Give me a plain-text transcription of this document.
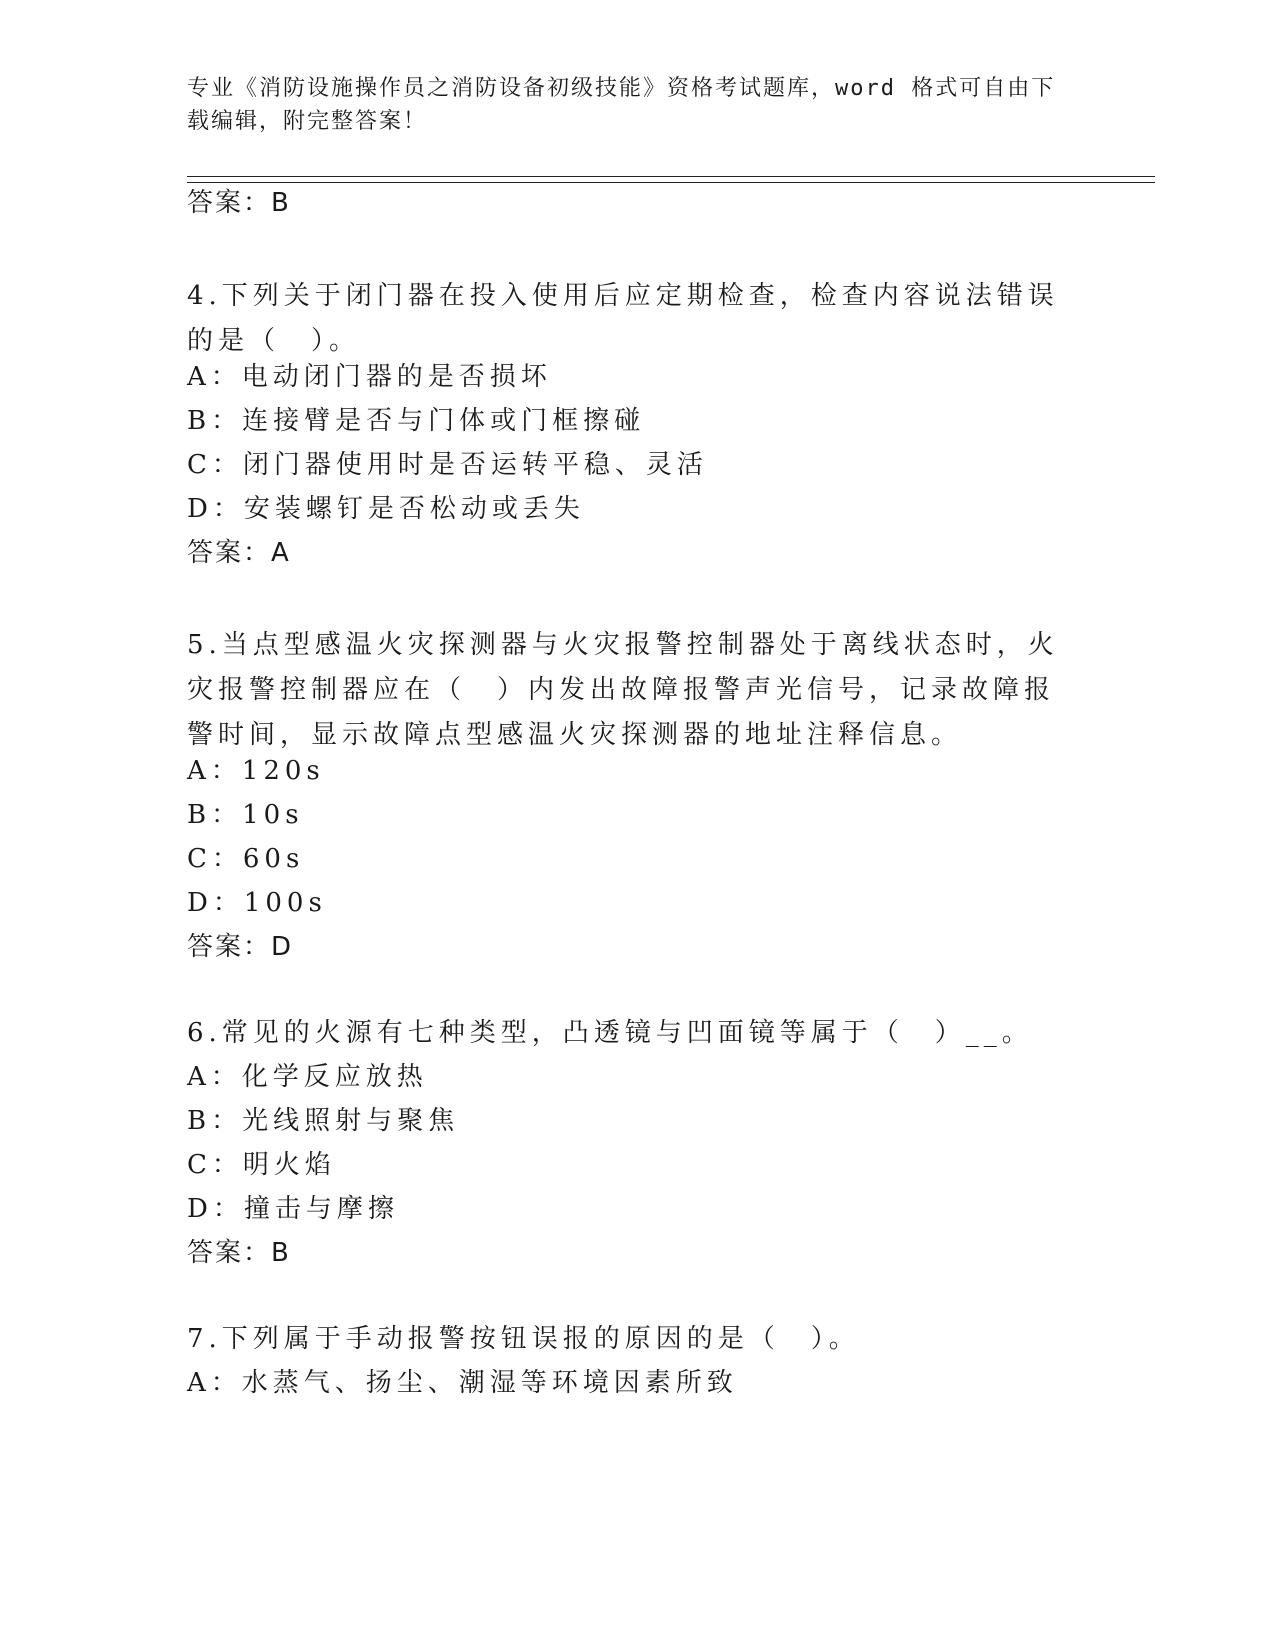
专业《消防设施操作员之消防设备初级技能》资格考试题库，word 格式可自由下载编辑，附完整答案！
答案：B
4.下列关于闭门器在投入使用后应定期检查，检查内容说法错误的是（　）。
A：电动闭门器的是否损坏
B：连接臂是否与门体或门框擦碰
C：闭门器使用时是否运转平稳、灵活
D：安装螺钉是否松动或丢失
答案：A
5.当点型感温火灾探测器与火灾报警控制器处于离线状态时，火灾报警控制器应在（　）内发出故障报警声光信号，记录故障报警时间，显示故障点型感温火灾探测器的地址注释信息。
A：120s
B：10s
C：60s
D：100s
答案：D
6.常见的火源有七种类型，凸透镜与凹面镜等属于（　）__。
A：化学反应放热
B：光线照射与聚焦
C：明火焰
D：撞击与摩擦
答案：B
7.下列属于手动报警按钮误报的原因的是（　）。
A：水蒸气、扬尘、潮湿等环境因素所致
